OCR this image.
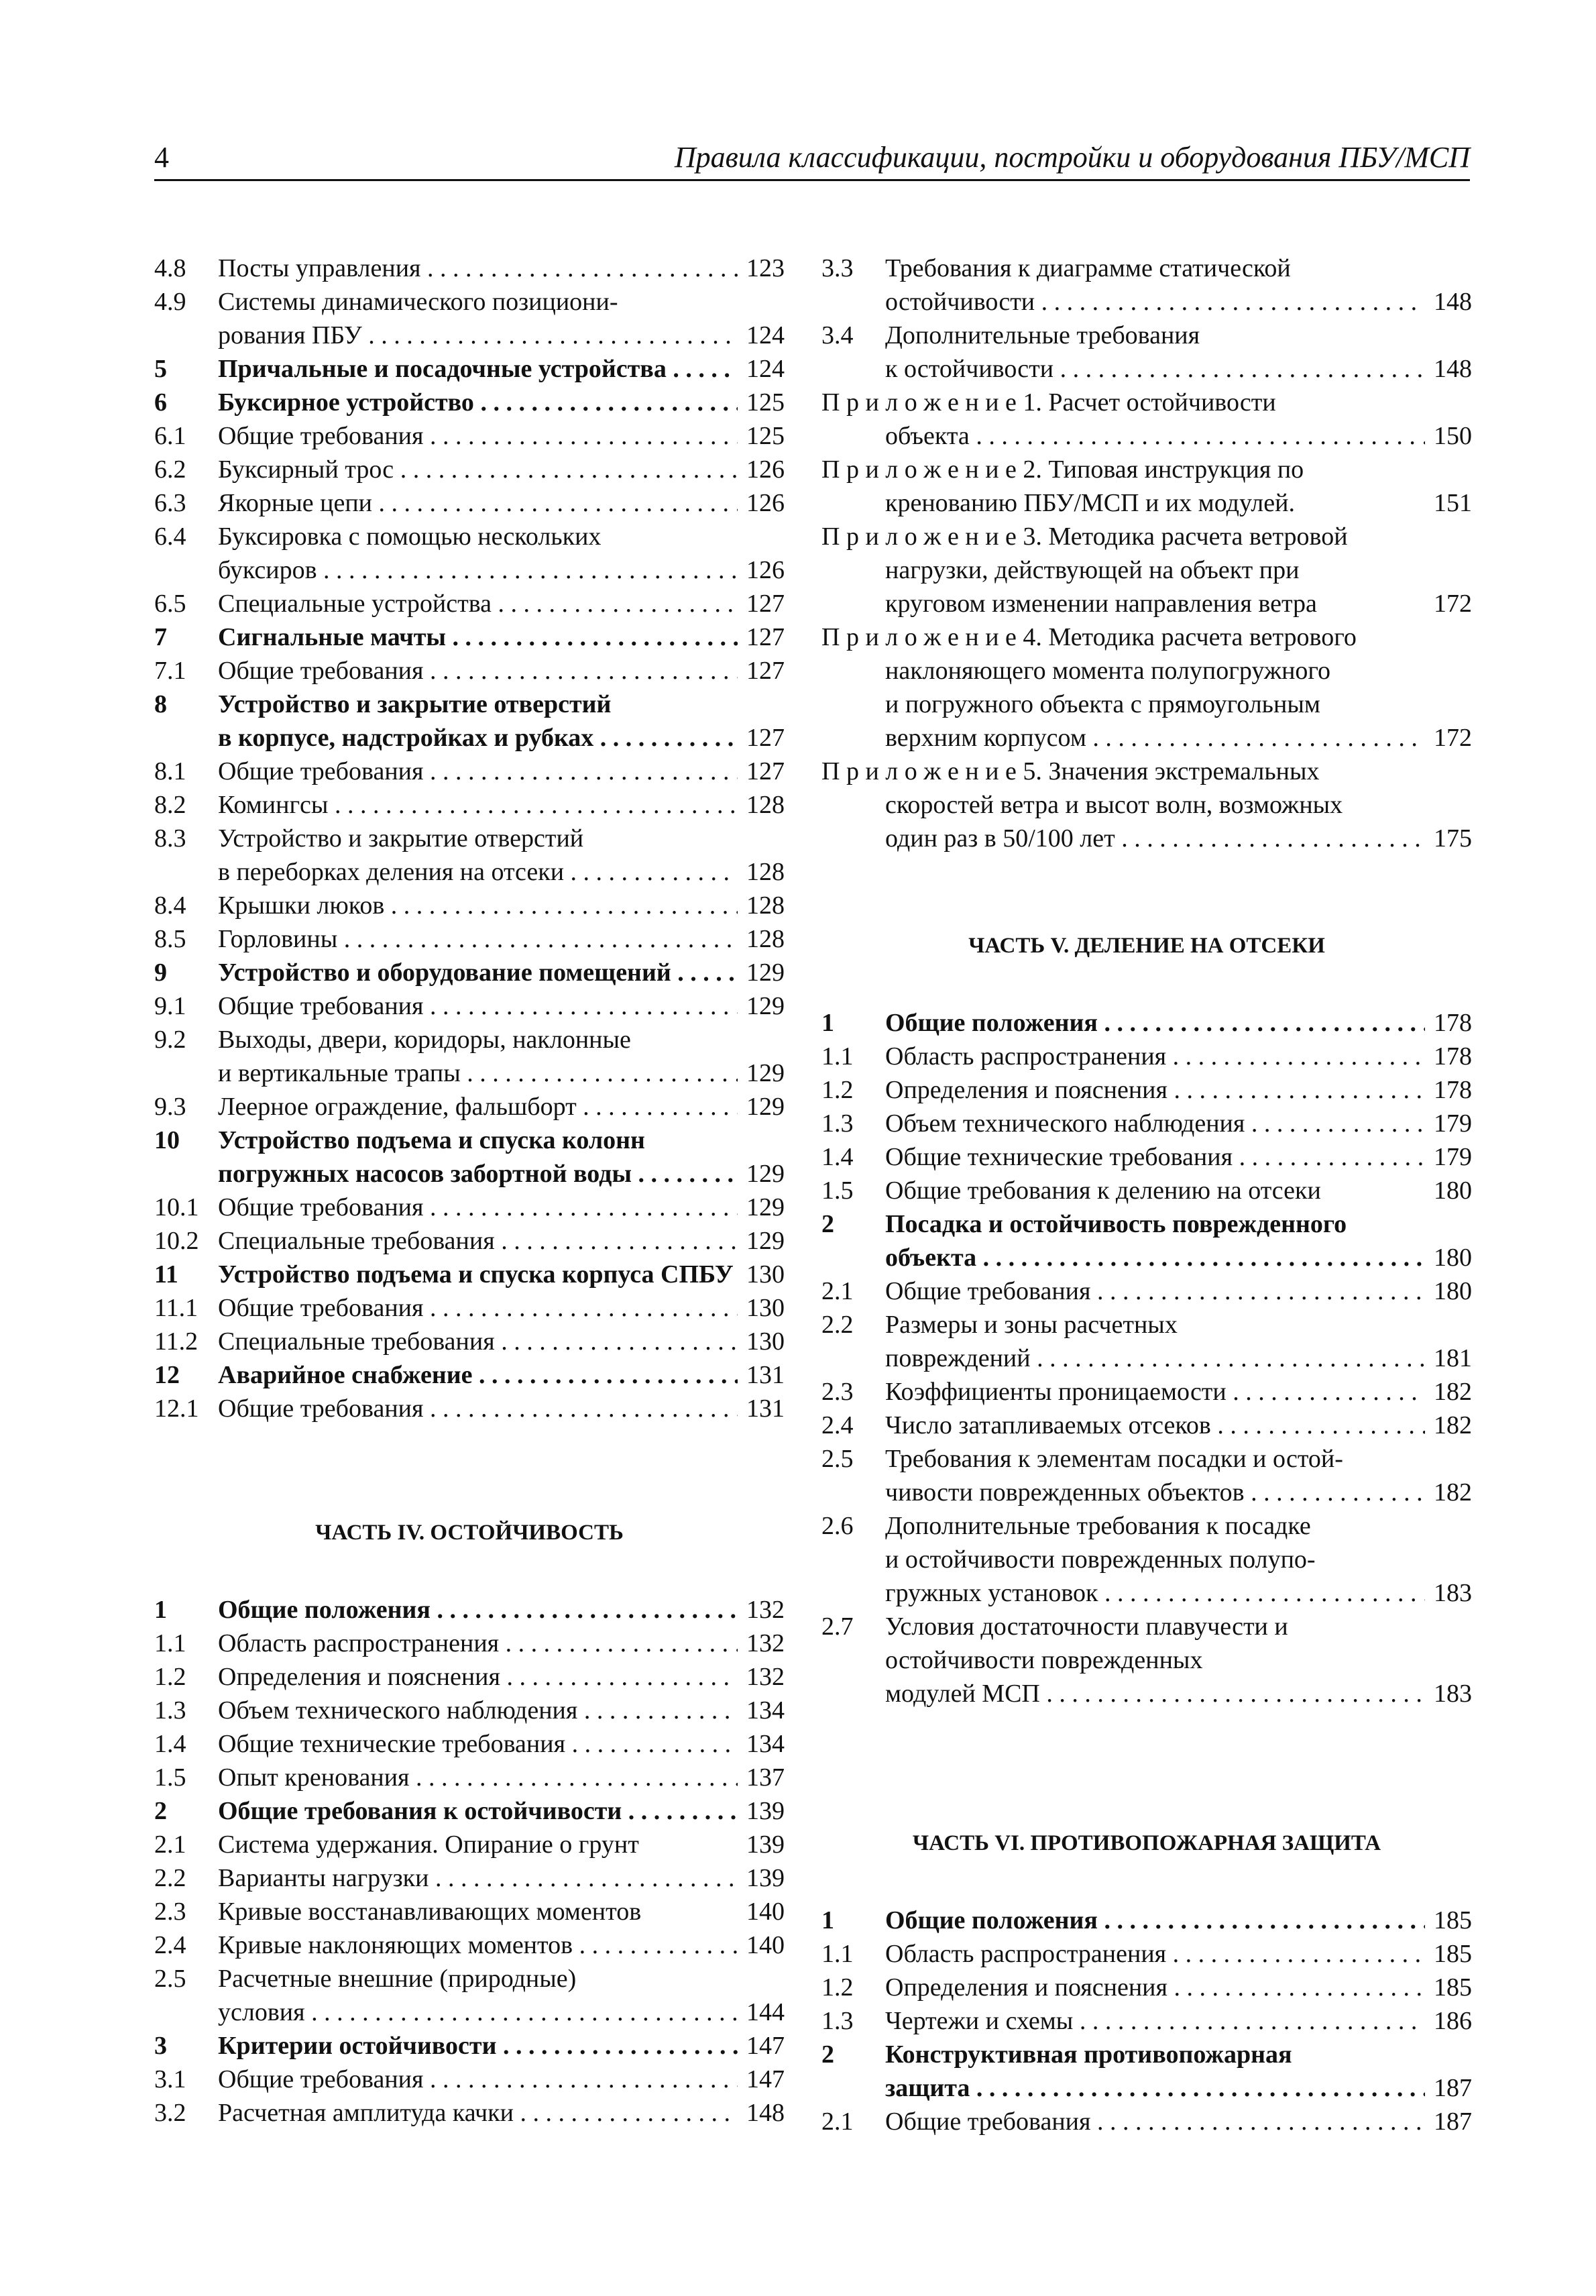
4	Правила классификации, постройки и оборудования ПБУ/МСП
4.8 Посты управления . . .	123
4.9 Системы динамического позициони-
рования ПБУ . . .	124
5 Причальные и посадочные устройства . . .	124
6 Буксирное устройство . . .	125
6.1 Общие требования . . .	125
6.2 Буксирный трос . . .	126
6.3 Якорные цепи . . .	126
6.4 Буксировка с помощью нескольких
буксиров . . .	126
6.5 Специальные устройства . . .	127
7 Сигнальные мачты . . .	127
7.1 Общие требования . . .	127
8 Устройство и закрытие отверстий
в корпусе, надстройках и рубках . . .	127
8.1 Общие требования . . .	127
8.2 Комингсы . . .	128
8.3 Устройство и закрытие отверстий
в переборках деления на отсеки . . .	128
8.4 Крышки люков . . .	128
8.5 Горловины . . .	128
9 Устройство и оборудование помещений . . .	129
9.1 Общие требования . . .	129
9.2 Выходы, двери, коридоры, наклонные
и вертикальные трапы . . .	129
9.3 Леерное ограждение, фальшборт . . .	129
10 Устройство подъема и спуска колонн
погружных насосов забортной воды . . .	129
10.1 Общие требования . . .	129
10.2 Специальные требования . . .	129
11 Устройство подъема и спуска корпуса СПБУ 130
11.1 Общие требования . . .	130
11.2 Специальные требования . . .	130
12 Аварийное снабжение . . .	131
12.1 Общие требования . . .	131
ЧАСТЬ IV. ОСТОЙЧИВОСТЬ
1 Общие положения . . .	132
1.1 Область распространения . . .	132
1.2 Определения и пояснения . . .	132
1.3 Объем технического наблюдения . . .	134
1.4 Общие технические требования . . .	134
1.5 Опыт кренования . . .	137
2 Общие требования к остойчивости . . .	139
2.1 Система удержания. Опирание о грунт	139
2.2 Варианты нагрузки . . .	139
2.3 Кривые восстанавливающих моментов	140
2.4 Кривые наклоняющих моментов . . .	140
2.5 Расчетные внешние (природные)
условия . . .	144
3 Критерии остойчивости . . .	147
3.1 Общие требования . . .	147
3.2 Расчетная амплитуда качки . . .	148
3.3 Требования к диаграмме статической
остойчивости . . .	148
3.4 Дополнительные требования
к остойчивости . . .	148
П р и л о ж е н и е 1. Расчет остойчивости
объекта . . .	150
П р и л о ж е н и е 2. Типовая инструкция по
кренованию ПБУ/МСП и их модулей.	151
П р и л о ж е н и е 3. Методика расчета ветровой
нагрузки, действующей на объект при
круговом изменении направления ветра	172
П р и л о ж е н и е 4. Методика расчета ветрового
наклоняющего момента полупогружного
и погружного объекта с прямоугольным
верхним корпусом . . .	172
П р и л о ж е н и е 5. Значения экстремальных
скоростей ветра и высот волн, возможных
один раз в 50/100 лет . . .	175
ЧАСТЬ V. ДЕЛЕНИЕ НА ОТСЕКИ
1 Общие положения . . .	178
1.1 Область распространения . . .	178
1.2 Определения и пояснения . . .	178
1.3 Объем технического наблюдения . . .	179
1.4 Общие технические требования . . .	179
1.5 Общие требования к делению на отсеки	180
2 Посадка и остойчивость поврежденного
объекта . . .	180
2.1 Общие требования . . .	180
2.2 Размеры и зоны расчетных
повреждений . . .	181
2.3 Коэффициенты проницаемости . . .	182
2.4 Число затапливаемых отсеков . . .	182
2.5 Требования к элементам посадки и остой-
чивости поврежденных объектов . . .	182
2.6 Дополнительные требования к посадке
и остойчивости поврежденных полупо-
гружных установок . . .	183
2.7 Условия достаточности плавучести и
остойчивости поврежденных
модулей МСП . . .	183
ЧАСТЬ VI. ПРОТИВОПОЖАРНАЯ ЗАЩИТА
1 Общие положения . . .	185
1.1 Область распространения . . .	185
1.2 Определения и пояснения . . .	185
1.3 Чертежи и схемы . . .	186
2 Конструктивная противопожарная
защита . . .	187
2.1 Общие требования . . .	187
